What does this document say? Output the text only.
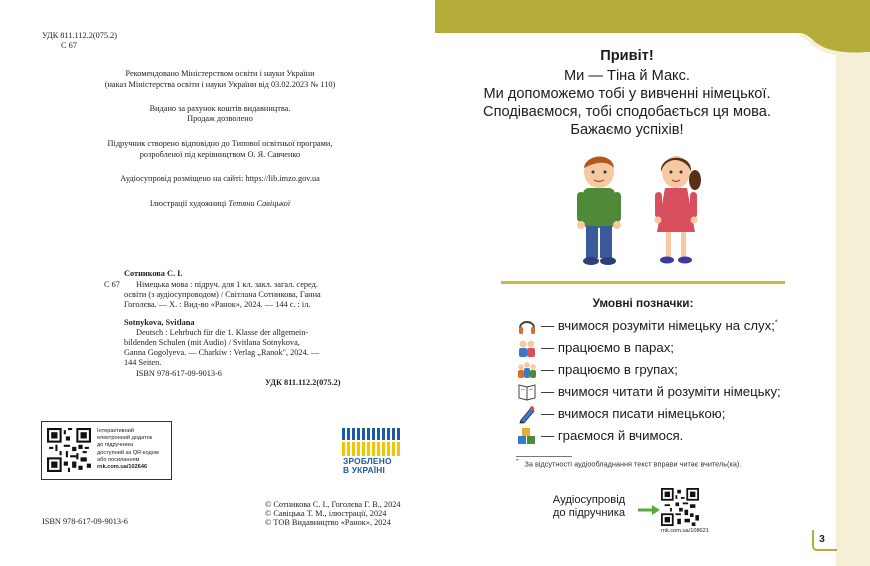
УДК 811.112.2(075.2)
С 67
Рекомендовано Міністерством освіти і науки України
(наказ Міністерства освіти і науки України від 03.02.2023 № 110)
Видано за рахунок коштів видавництва.
Продаж дозволено
Підручник створено відповідно до Типової освітньої програми,
розробленої під керівництвом О. Я. Савченко
Аудіосупровід розміщено на сайті: https://lib.imzo.gov.ua
Ілюстрації художниці Тетяни Савіцької
Сотникова С. І.
С 67 Німецька мова : підруч. для 1 кл. закл. загал. серед.
освіти (з аудіосупроводом) / Світлана Сотникова, Ганна
Гоголєва. — Х. : Вид-во «Ранок», 2024. — 144 с. : іл.
Sotnykova, Svitlana
Deutsch : Lehrbuch für die 1. Klasse der allgemein-
bildenden Schulen (mit Audio) / Svitlana Sotnykova,
Ganna Gogolyeva. — Charkiw : Verlag „Ranok", 2024. —
144 Seiten.
ISBN 978-617-09-9013-6
УДК 811.112.2(075.2)
Інтерактивний
електронний додаток
до підручника
доступний за QR-кодом
або посиланням
rnk.com.ua/102646
ЗРОБЛЕНО
В УКРАЇНІ
ISBN 978-617-09-9013-6
© Сотникова С. І., Гоголєва Г. В., 2024
© Савіцька Т. М., ілюстрації, 2024
© ТОВ Видавництво «Ранок», 2024
Привіт!
Ми — Тіна й Макс.
Ми допоможемо тобі у вивченні німецької.
Сподіваємося, тобі сподобається ця мова.
Бажаємо успіхів!
Умовні позначки:
— вчимося розуміти німецьку на слух;*
— працюємо в парах;
— працюємо в групах;
— вчимося читати й розуміти німецьку;
— вчимося писати німецькою;
— граємося й вчимося.
* За відсутності аудіообладнання текст вправи читає вчитель(ка).
Аудіосупровід
до підручника
rnk.com.ua/108621
3
